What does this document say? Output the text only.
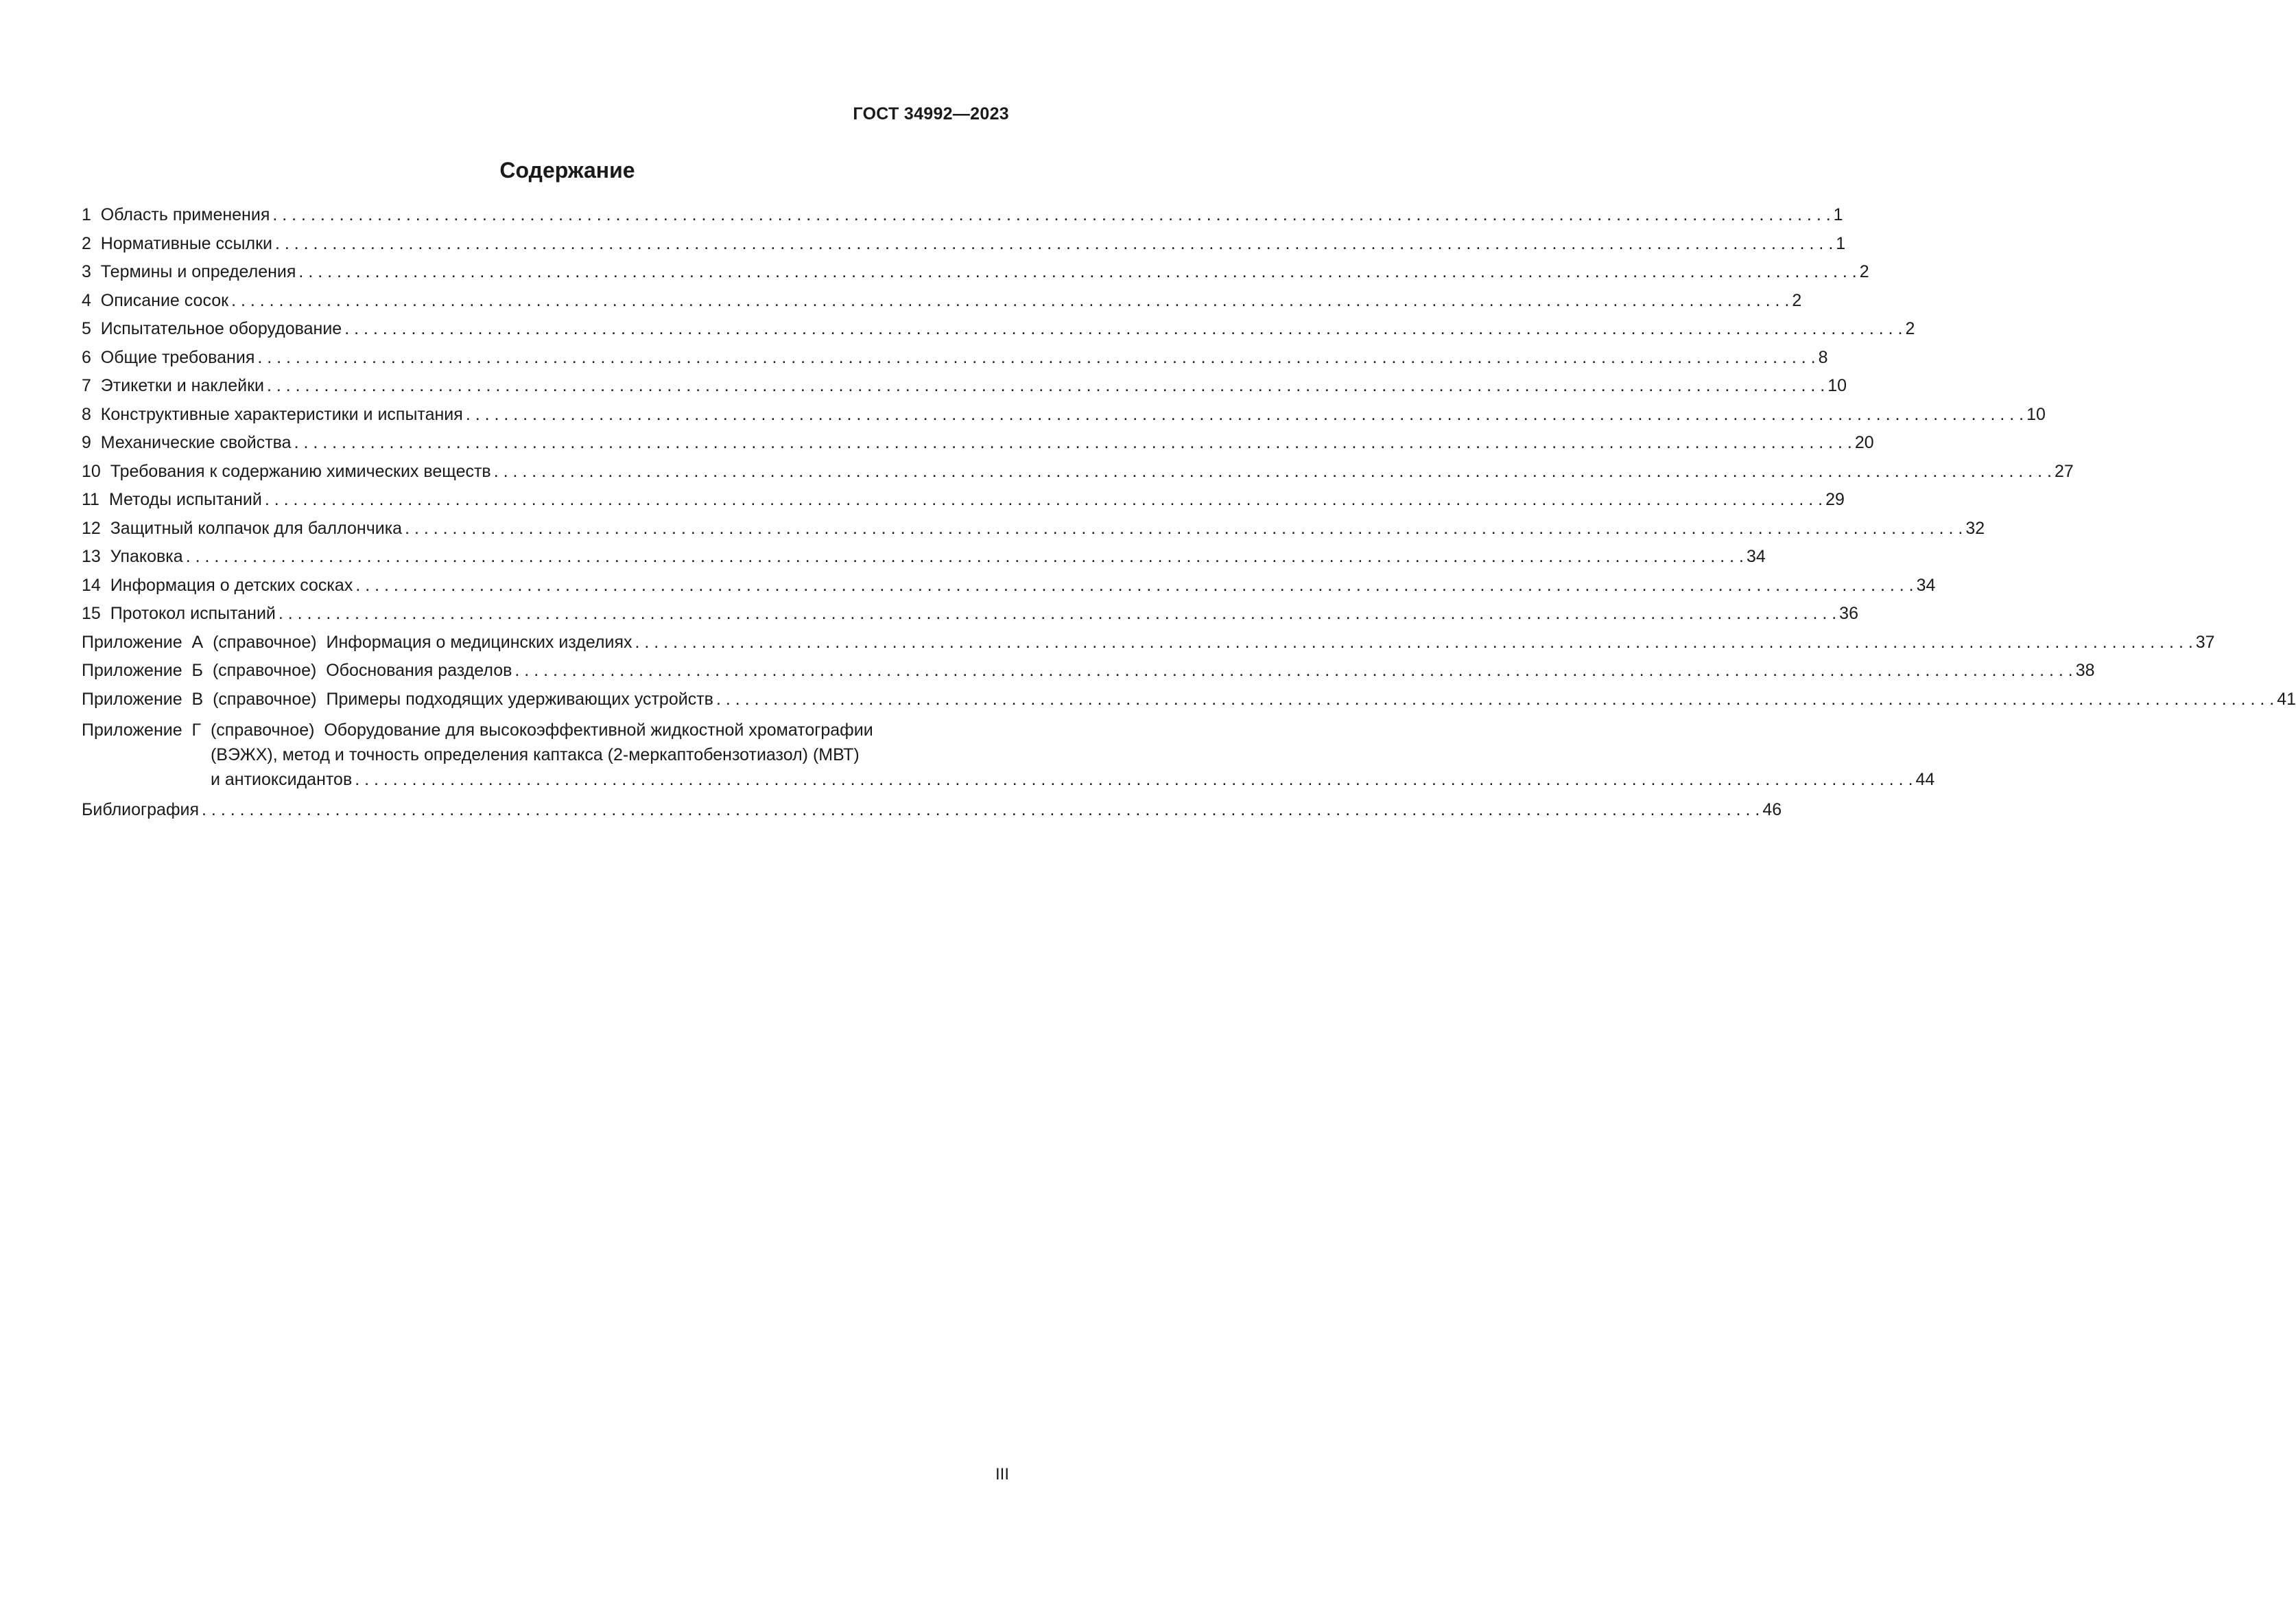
ГОСТ 34992—2023
Содержание
1  Область применения . . .	1
2  Нормативные ссылки . . .	1
3  Термины и определения . . .	2
4  Описание сосок . . .	2
5  Испытательное оборудование . . .	2
6  Общие требования . . .	8
7  Этикетки и наклейки . . .	10
8  Конструктивные характеристики и испытания . . .	10
9  Механические свойства . . .	20
10  Требования к содержанию химических веществ . . .	27
11  Методы испытаний . . .	29
12  Защитный колпачок для баллончика . . .	32
13  Упаковка . . .	34
14  Информация о детских сосках . . .	34
15  Протокол испытаний . . .	36
Приложение  А  (справочное)  Информация о медицинских изделиях . . .	37
Приложение  Б  (справочное)  Обоснования разделов . . .	38
Приложение  В  (справочное)  Примеры подходящих удерживающих устройств . . .	41
Приложение  Г (справочное)  Оборудование для высокоэффективной жидкостной хроматографии
(ВЭЖХ), метод и точность определения каптакса (2-меркаптобензотиазол) (МВТ)
и антиоксидантов . . .	44
Библиография . . .	46
III
